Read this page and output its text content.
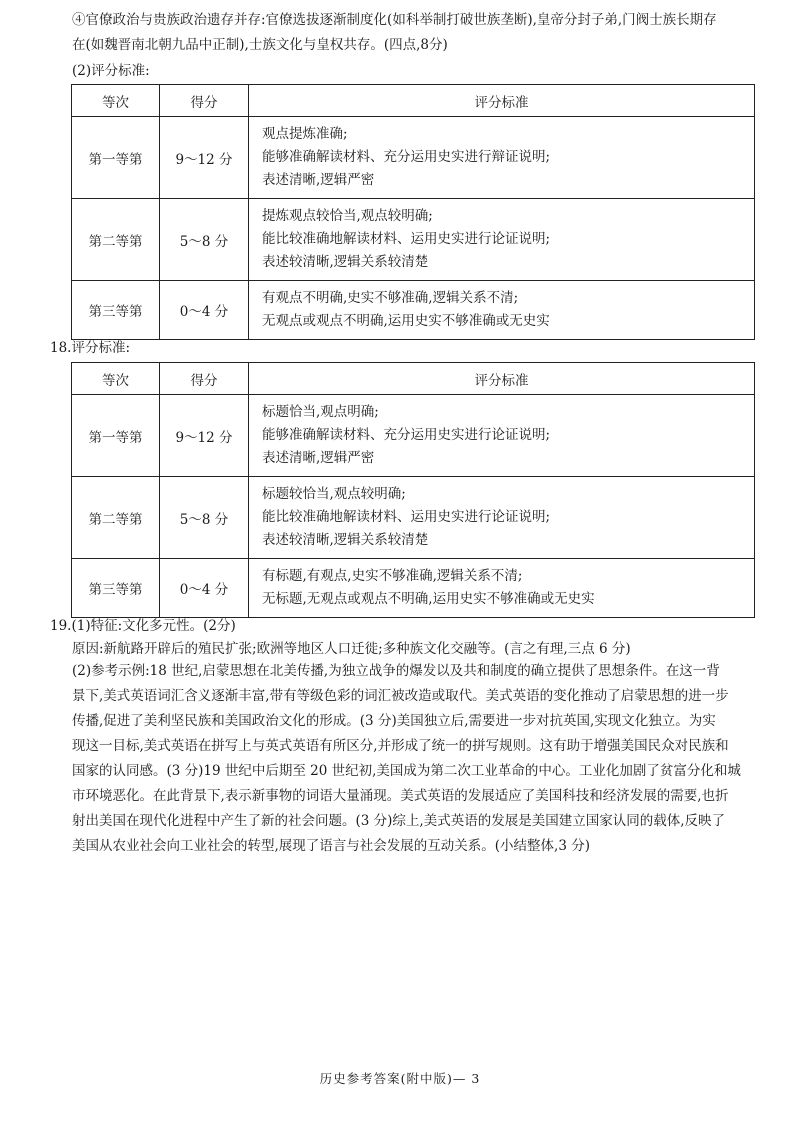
④官僚政治与贵族政治遗存并存:官僚选拔逐渐制度化(如科举制打破世族垄断),皇帝分封子弟,门阀士族长期存
在(如魏晋南北朝九品中正制),士族文化与皇权共存。(四点,8分)
(2)评分标准:
等次	得分	评分标准
第一等第	9～12 分	观点提炼准确;
能够准确解读材料、充分运用史实进行辩证说明;
表述清晰,逻辑严密

第二等第	5～8 分	提炼观点较恰当,观点较明确;
能比较准确地解读材料、运用史实进行论证说明;
表述较清晰,逻辑关系较清楚

第三等第	0～4 分	有观点不明确,史实不够准确,逻辑关系不清;
无观点或观点不明确,运用史实不够准确或无史实
18.评分标准:
等次	得分	评分标准
第一等第	9～12 分	标题恰当,观点明确;
能够准确解读材料、充分运用史实进行论证说明;
表述清晰,逻辑严密

第二等第	5～8 分	标题较恰当,观点较明确;
能比较准确地解读材料、运用史实进行论证说明;
表述较清晰,逻辑关系较清楚

第三等第	0～4 分	有标题,有观点,史实不够准确,逻辑关系不清;
无标题,无观点或观点不明确,运用史实不够准确或无史实
19.(1)特征:文化多元性。(2分)
原因:新航路开辟后的殖民扩张;欧洲等地区人口迁徙;多种族文化交融等。(言之有理,三点 6 分)
(2)参考示例:18 世纪,启蒙思想在北美传播,为独立战争的爆发以及共和制度的确立提供了思想条件。在这一背
景下,美式英语词汇含义逐渐丰富,带有等级色彩的词汇被改造或取代。美式英语的变化推动了启蒙思想的进一步
传播,促进了美利坚民族和美国政治文化的形成。(3 分)美国独立后,需要进一步对抗英国,实现文化独立。为实
现这一目标,美式英语在拼写上与英式英语有所区分,并形成了统一的拼写规则。这有助于增强美国民众对民族和
国家的认同感。(3 分)19 世纪中后期至 20 世纪初,美国成为第二次工业革命的中心。工业化加剧了贫富分化和城
市环境恶化。在此背景下,表示新事物的词语大量涌现。美式英语的发展适应了美国科技和经济发展的需要,也折
射出美国在现代化进程中产生了新的社会问题。(3 分)综上,美式英语的发展是美国建立国家认同的载体,反映了
美国从农业社会向工业社会的转型,展现了语言与社会发展的互动关系。(小结整体,3 分)
历史参考答案(附中版)— 3
